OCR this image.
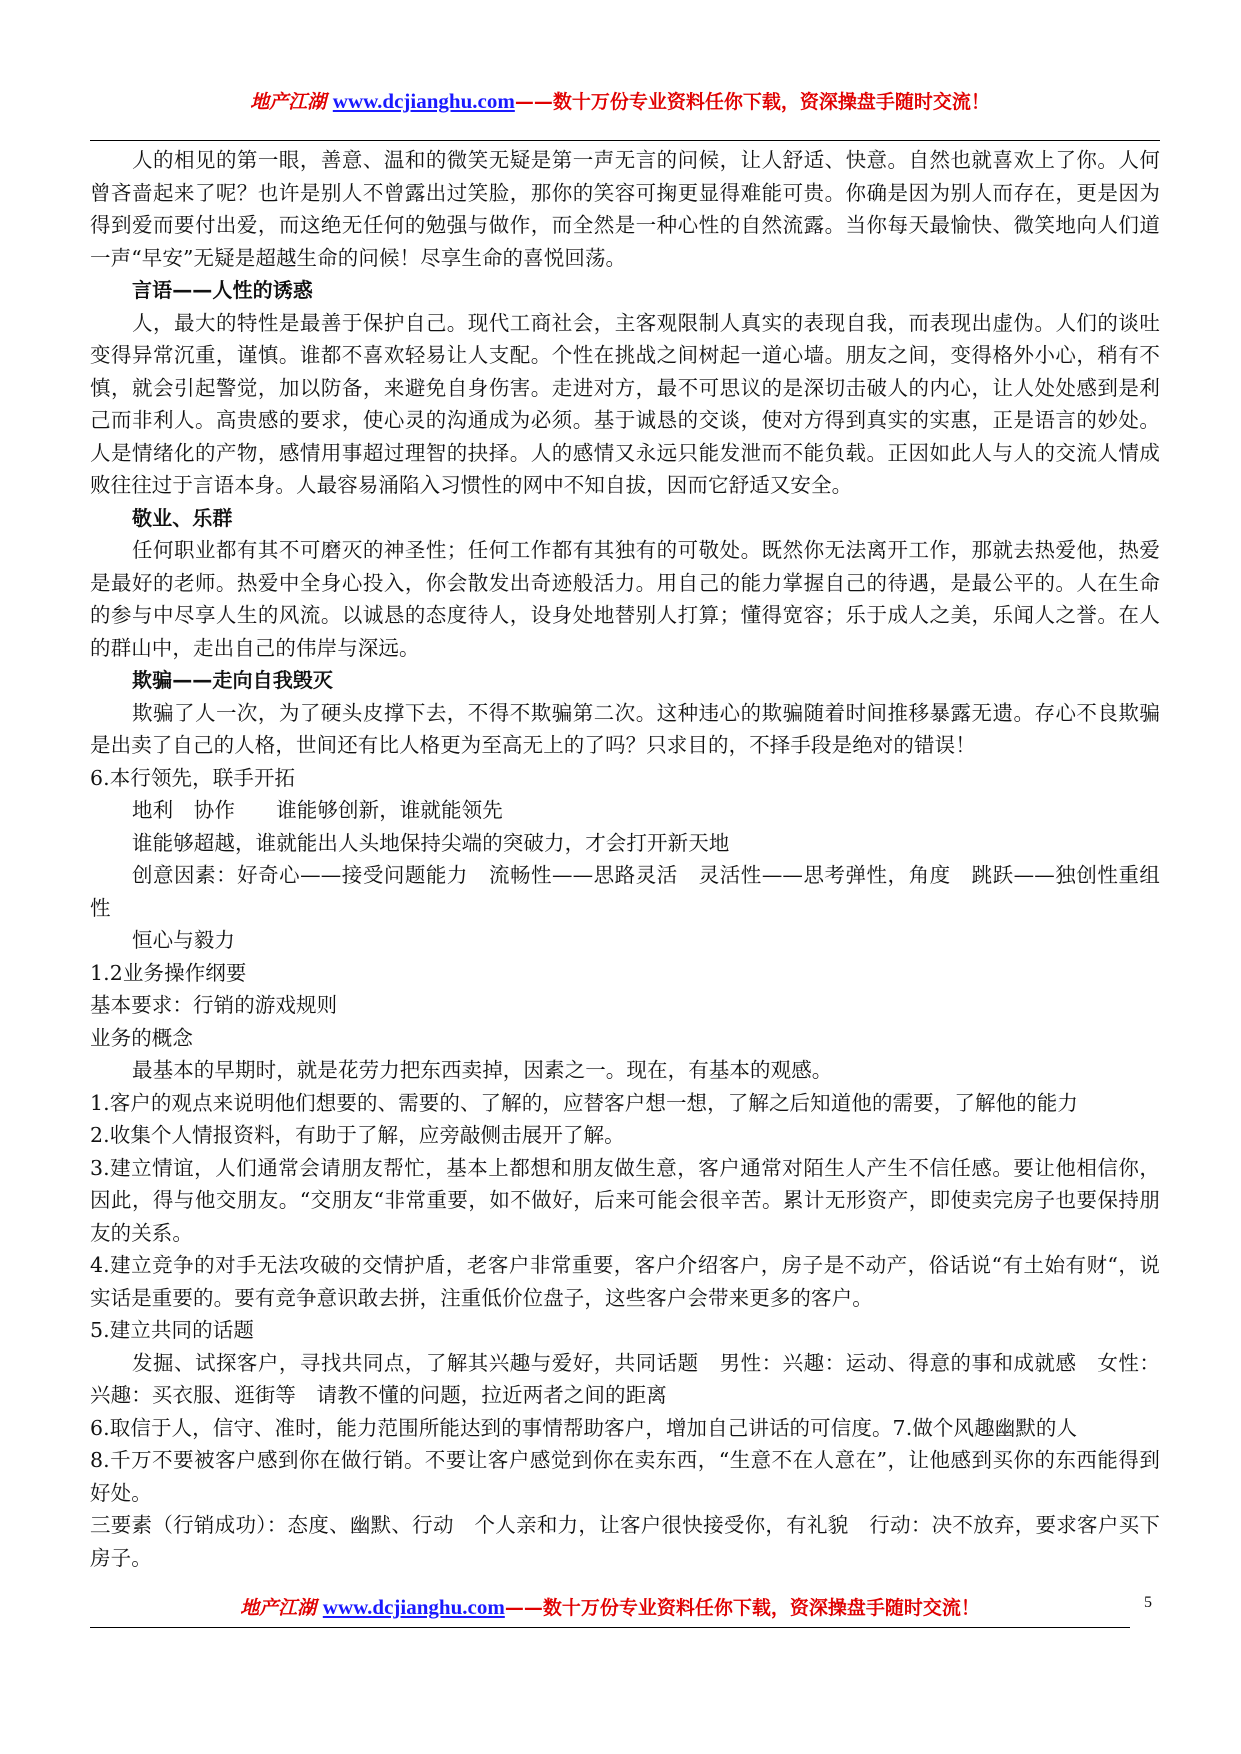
地产江湖 www.dcjianghu.com——数十万份专业资料任你下载，资深操盘手随时交流！

人的相见的第一眼，善意、温和的微笑无疑是第一声无言的问候，让人舒适、快意。自然也就喜欢上了你。人何曾吝啬起来了呢？也许是别人不曾露出过笑脸，那你的笑容可掬更显得难能可贵。你确是因为别人而存在，更是因为得到爱而要付出爱，而这绝无任何的勉强与做作，而全然是一种心性的自然流露。当你每天最愉快、微笑地向人们道一声“早安”无疑是超越生命的问候！尽享生命的喜悦回荡。

言语——人性的诱惑

人，最大的特性是最善于保护自己。现代工商社会，主客观限制人真实的表现自我，而表现出虚伪。人们的谈吐变得异常沉重，谨慎。谁都不喜欢轻易让人支配。个性在挑战之间树起一道心墙。朋友之间，变得格外小心，稍有不慎，就会引起警觉，加以防备，来避免自身伤害。走进对方，最不可思议的是深切击破人的内心，让人处处感到是利己而非利人。高贵感的要求，使心灵的沟通成为必须。基于诚恳的交谈，使对方得到真实的实惠，正是语言的妙处。人是情绪化的产物，感情用事超过理智的抉择。人的感情又永远只能发泄而不能负载。正因如此人与人的交流人情成败往往过于言语本身。人最容易涌陷入习惯性的网中不知自拔，因而它舒适又安全。

敬业、乐群

任何职业都有其不可磨灭的神圣性；任何工作都有其独有的可敬处。既然你无法离开工作，那就去热爱他，热爱是最好的老师。热爱中全身心投入，你会散发出奇迹般活力。用自己的能力掌握自己的待遇，是最公平的。人在生命的参与中尽享人生的风流。以诚恳的态度待人，设身处地替别人打算；懂得宽容；乐于成人之美，乐闻人之誉。在人的群山中，走出自己的伟岸与深远。

欺骗——走向自我毁灭

欺骗了人一次，为了硬头皮撑下去，不得不欺骗第二次。这种违心的欺骗随着时间推移暴露无遗。存心不良欺骗是出卖了自己的人格，世间还有比人格更为至高无上的了吗？只求目的，不择手段是绝对的错误！

6.本行领先，联手开拓

地利　协作　　谁能够创新，谁就能领先

谁能够超越，谁就能出人头地保持尖端的突破力，才会打开新天地

创意因素：好奇心——接受问题能力　流畅性——思路灵活　灵活性——思考弹性，角度　跳跃——独创性重组性

恒心与毅力

1.2业务操作纲要

基本要求：行销的游戏规则

业务的概念

最基本的早期时，就是花劳力把东西卖掉，因素之一。现在，有基本的观感。

1.客户的观点来说明他们想要的、需要的、了解的，应替客户想一想，了解之后知道他的需要，了解他的能力

2.收集个人情报资料，有助于了解，应旁敲侧击展开了解。

3.建立情谊，人们通常会请朋友帮忙，基本上都想和朋友做生意，客户通常对陌生人产生不信任感。要让他相信你，因此，得与他交朋友。“交朋友“非常重要，如不做好，后来可能会很辛苦。累计无形资产，即使卖完房子也要保持朋友的关系。

4.建立竞争的对手无法攻破的交情护盾，老客户非常重要，客户介绍客户，房子是不动产，俗话说“有土始有财“，说实话是重要的。要有竞争意识敢去拼，注重低价位盘子，这些客户会带来更多的客户。

5.建立共同的话题

发掘、试探客户，寻找共同点，了解其兴趣与爱好，共同话题　男性：兴趣：运动、得意的事和成就感　女性：兴趣：买衣服、逛街等　请教不懂的问题，拉近两者之间的距离

6.取信于人，信守、准时，能力范围所能达到的事情帮助客户，增加自己讲话的可信度。7.做个风趣幽默的人

8.千万不要被客户感到你在做行销。不要让客户感觉到你在卖东西，“生意不在人意在”，让他感到买你的东西能得到好处。

三要素（行销成功）：态度、幽默、行动　个人亲和力，让客户很快接受你，有礼貌　行动：决不放弃，要求客户买下房子。

地产江湖 www.dcjianghu.com——数十万份专业资料任你下载，资深操盘手随时交流！	5
